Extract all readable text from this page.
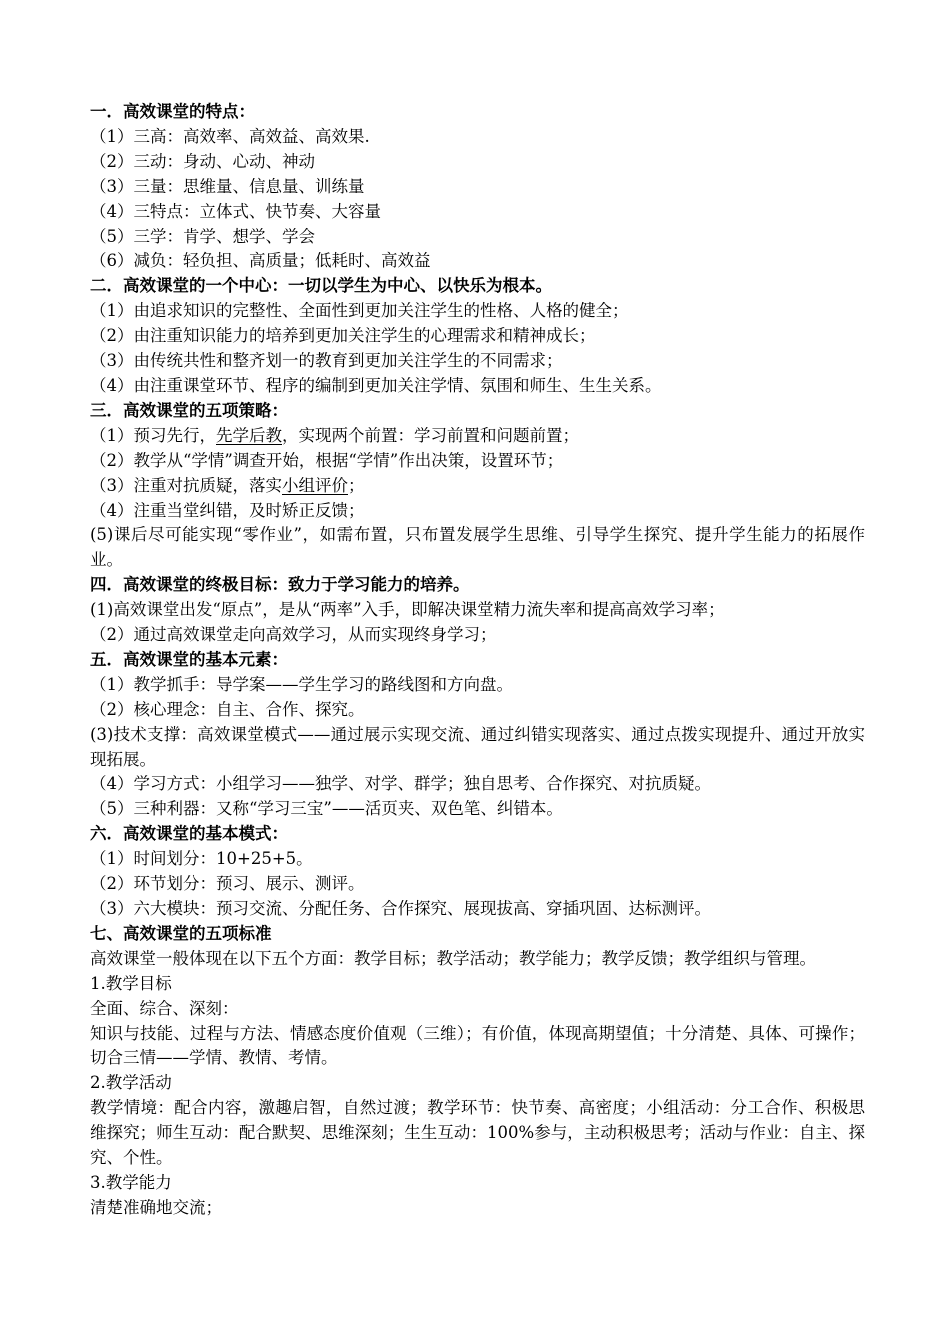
一．高效课堂的特点：
（1）三高：高效率、高效益、高效果.
（2）三动：身动、心动、神动
（3）三量：思维量、信息量、训练量
（4）三特点：立体式、快节奏、大容量
（5）三学：肯学、想学、学会
（6）减负：轻负担、高质量；低耗时、高效益
二．高效课堂的一个中心：一切以学生为中心、以快乐为根本。
（1）由追求知识的完整性、全面性到更加关注学生的性格、人格的健全；
（2）由注重知识能力的培养到更加关注学生的心理需求和精神成长；
（3）由传统共性和整齐划一的教育到更加关注学生的不同需求；
（4）由注重课堂环节、程序的编制到更加关注学情、氛围和师生、生生关系。
三．高效课堂的五项策略：
（1）预习先行，先学后教，实现两个前置：学习前置和问题前置；
（2）教学从“学情”调查开始，根据“学情”作出决策，设置环节；
（3）注重对抗质疑，落实小组评价；
（4）注重当堂纠错，及时矫正反馈；
(5)课后尽可能实现“零作业”，如需布置，只布置发展学生思维、引导学生探究、提升学生能力的拓展作业。
四．高效课堂的终极目标：致力于学习能力的培养。
(1)高效课堂出发“原点”，是从“两率”入手，即解决课堂精力流失率和提高高效学习率；
（2）通过高效课堂走向高效学习，从而实现终身学习；
五．高效课堂的基本元素：
（1）教学抓手：导学案——学生学习的路线图和方向盘。
（2）核心理念：自主、合作、探究。
(3)技术支撑：高效课堂模式——通过展示实现交流、通过纠错实现落实、通过点拨实现提升、通过开放实现拓展。
（4）学习方式：小组学习——独学、对学、群学；独自思考、合作探究、对抗质疑。
（5）三种利器：又称“学习三宝”——活页夹、双色笔、纠错本。
六．高效课堂的基本模式：
（1）时间划分：10+25+5。
（2）环节划分：预习、展示、测评。
（3）六大模块：预习交流、分配任务、合作探究、展现拔高、穿插巩固、达标测评。
七、高效课堂的五项标准
高效课堂一般体现在以下五个方面：教学目标；教学活动；教学能力；教学反馈；教学组织与管理。
1.教学目标
全面、综合、深刻：
知识与技能、过程与方法、情感态度价值观（三维）；有价值，体现高期望值；十分清楚、具体、可操作；切合三情——学情、教情、考情。
2.教学活动
教学情境：配合内容，激趣启智，自然过渡；教学环节：快节奏、高密度；小组活动：分工合作、积极思维探究；师生互动：配合默契、思维深刻；生生互动：100%参与，主动积极思考；活动与作业：自主、探究、个性。
3.教学能力
清楚准确地交流；
